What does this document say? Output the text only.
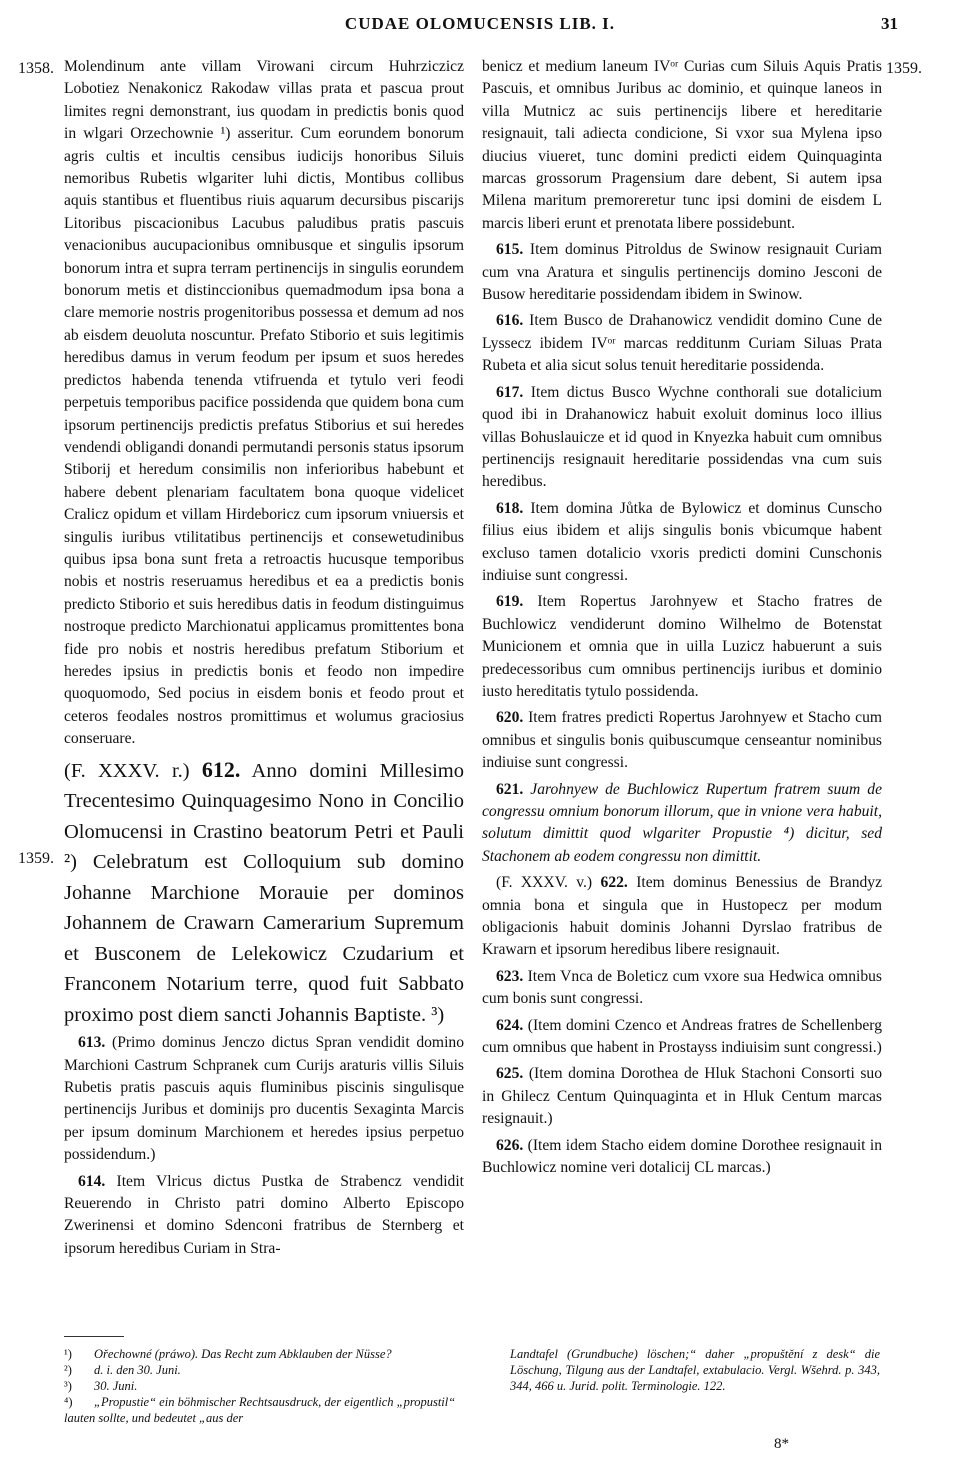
CUDAE OLOMUCENSIS LIB. I.	31
1358.
1359.
1359.

Molendinum ante villam Virowani circum Huhrziczicz Lobotiez Nenakonicz Rakodaw villas prata et pascua prout limites regni demonstrant, ius quodam in predictis bonis quod in wlgari Orzechownie ¹) asseritur. Cum eorundem bonorum agris cultis et incultis censibus iudicijs honoribus Siluis nemoribus Rubetis wlgariter luhi dictis, Montibus collibus aquis stantibus et fluentibus riuis aquarum decursibus piscarijs Litoribus piscacionibus Lacubus paludibus pratis pascuis venacionibus aucupacionibus omnibusque et singulis ipsorum bonorum intra et supra terram pertinencijs in singulis eorundem bonorum metis et distinccionibus quemadmodum ipsa bona a clare memorie nostris progenitoribus possessa et demum ad nos ab eisdem deuoluta noscuntur. Prefato Stiborio et suis legitimis heredibus damus in verum feodum per ipsum et suos heredes predictos habenda tenenda vtifruenda et tytulo veri feodi perpetuis temporibus pacifice possidenda que quidem bona cum ipsorum pertinencijs predictis prefatus Stiborius et sui heredes vendendi obligandi donandi permutandi personis status ipsorum Stiborij et heredum consimilis non inferioribus habebunt et habere debent plenariam facultatem bona quoque videlicet Cralicz opidum et villam Hirdeboricz cum ipsorum vniuersis et singulis iuribus vtilitatibus pertinencijs et consewetudinibus quibus ipsa bona sunt freta a retroactis hucusque temporibus nobis et nostris reseruamus heredibus et ea a predictis bonis predicto Stiborio et suis heredibus datis in feodum distinguimus nostroque predicto Marchionatui applicamus promittentes bona fide pro nobis et nostris heredibus prefatum Stiborium et heredes ipsius in predictis bonis et feodo non impedire quoquomodo, Sed pocius in eisdem bonis et feodo prout et ceteros feodales nostros promittimus et wolumus graciosius conseruare.

(F. XXXV. r.) 612. Anno domini Millesimo Trecentesimo Quinquagesimo Nono in Concilio Olomucensi in Crastino beatorum Petri et Pauli ²) Celebratum est Colloquium sub domino Johanne Marchione Morauie per dominos Johannem de Crawarn Camerarium Supremum et Busconem de Lelekowicz Czudarium et Franconem Notarium terre, quod fuit Sabbato proximo post diem sancti Johannis Baptiste. ³)

613. (Primo dominus Jenczo dictus Spran vendidit domino Marchioni Castrum Schpranek cum Curijs araturis villis Siluis Rubetis pratis pascuis aquis fluminibus piscinis singulisque pertinencijs Juribus et dominijs pro ducentis Sexaginta Marcis per ipsum dominum Marchionem et heredes ipsius perpetuo possidendum.)

614. Item Vlricus dictus Pustka de Strabencz vendidit Reuerendo in Christo patri domino Alberto Episcopo Zwerinensi et domino Sdenconi fratribus de Sternberg et ipsorum heredibus Curiam in Stra-

benicz et medium laneum IVᵒʳ Curias cum Siluis Aquis Pratis Pascuis, et omnibus Juribus ac dominio, et quinque laneos in villa Mutnicz ac suis pertinencijs libere et hereditarie resignauit, tali adiecta condicione, Si vxor sua Mylena ipso diucius viueret, tunc domini predicti eidem Quinquaginta marcas grossorum Pragensium dare debent, Si autem ipsa Milena maritum premoreretur tunc ipsi domini de eisdem L marcis liberi erunt et prenotata libere possidebunt.

615. Item dominus Pitroldus de Swinow resignauit Curiam cum vna Aratura et singulis pertinencijs domino Jesconi de Busow hereditarie possidendam ibidem in Swinow.

616. Item Busco de Drahanowicz vendidit domino Cune de Lyssecz ibidem IVᵒʳ marcas redditunm Curiam Siluas Prata Rubeta et alia sicut solus tenuit hereditarie possidenda.

617. Item dictus Busco Wychne conthorali sue dotalicium quod ibi in Drahanowicz habuit exoluit dominus loco illius villas Bohuslauicze et id quod in Knyezka habuit cum omnibus pertinencijs resignauit hereditarie possidendas vna cum suis heredibus.

618. Item domina Jůtka de Bylowicz et dominus Cunscho filius eius ibidem et alijs singulis bonis vbicumque habent excluso tamen dotalicio vxoris predicti domini Cunschonis indiuise sunt congressi.

619. Item Ropertus Jarohnyew et Stacho fratres de Buchlowicz vendiderunt domino Wilhelmo de Botenstat Municionem et omnia que in uilla Luzicz habuerunt a suis predecessoribus cum omnibus pertinencijs iuribus et dominio iusto hereditatis tytulo possidenda.

620. Item fratres predicti Ropertus Jarohnyew et Stacho cum omnibus et singulis bonis quibuscumque censeantur nominibus indiuise sunt congressi.

621. Jarohnyew de Buchlowicz Rupertum fratrem suum de congressu omnium bonorum illorum, que in vnione vera habuit, solutum dimittit quod wlgariter Propustie ⁴) dicitur, sed Stachonem ab eodem congressu non dimittit.

(F. XXXV. v.) 622. Item dominus Benessius de Brandyz omnia bona et singula que in Hustopecz per modum obligacionis habuit dominis Johanni Dyrslao fratribus de Krawarn et ipsorum heredibus libere resignauit.

623. Item Vnca de Boleticz cum vxore sua Hedwica omnibus cum bonis sunt congressi.

624. (Item domini Czenco et Andreas fratres de Schellenberg cum omnibus que habent in Prostayss indiuisim sunt congressi.)

625. (Item domina Dorothea de Hluk Stachoni Consorti suo in Ghilecz Centum Quinquaginta et in Hluk Centum marcas resignauit.)

626. (Item idem Stacho eidem domine Dorothee resignauit in Buchlowicz nomine veri dotalicij CL marcas.)

¹) Ořechowné (práwo). Das Recht zum Abklauben der Nüsse?

²) d. i. den 30. Juni.

³) 30. Juni.

⁴) „Propustie“ ein böhmischer Rechtsausdruck, der eigentlich „propustil“ lauten sollte, und bedeutet „aus der

Landtafel (Grundbuche) löschen;“ daher „propuštění z desk“ die Löschung, Tilgung aus der Landtafel, extabulacio. Vergl. Wšehrd. p. 343, 344, 466 u. Jurid. polit. Terminologie. 122.

8*
